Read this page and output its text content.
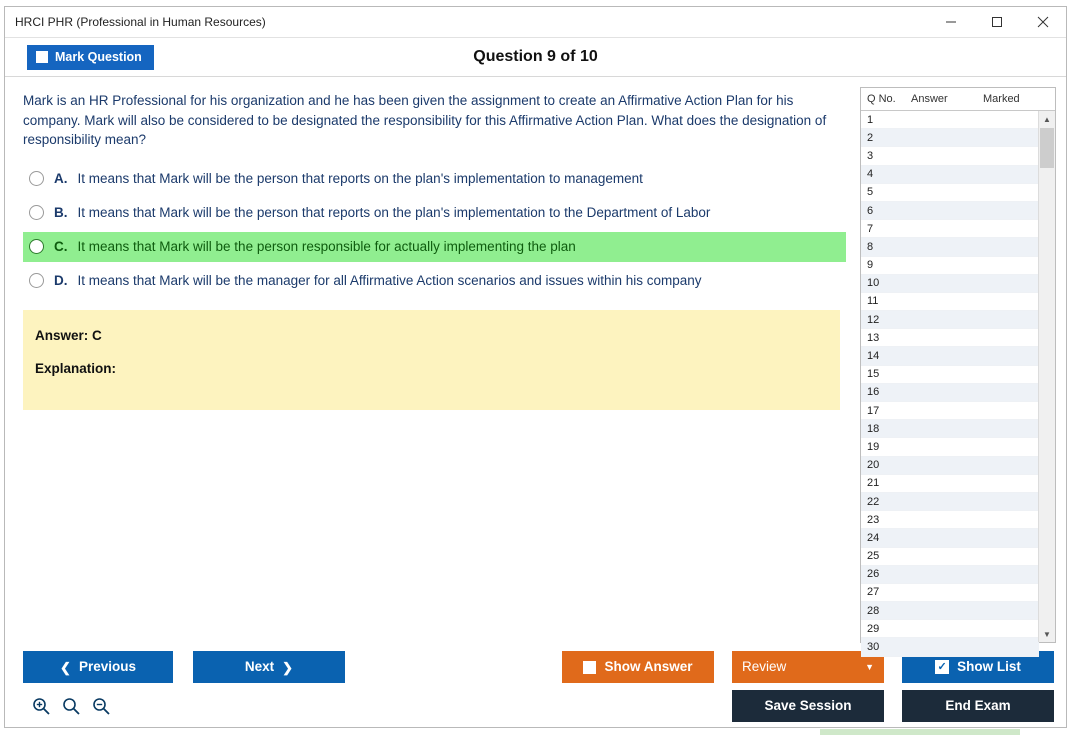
HRCI PHR (Professional in Human Resources)
Mark Question	Question 9 of 10
Mark is an HR Professional for his organization and he has been given the assignment to create an Affirmative Action Plan for his company. Mark will also be considered to be designated the responsibility for this Affirmative Action Plan. What does the designation of responsibility mean?
A. It means that Mark will be the person that reports on the plan's implementation to management
B. It means that Mark will be the person that reports on the plan's implementation to the Department of Labor
C. It means that Mark will be the person responsible for actually implementing the plan
D. It means that Mark will be the manager for all Affirmative Action scenarios and issues within his company
Answer: C
Explanation:
Q No.	Answer	Marked
1
2
3
4
5
6
7
8
9
10
11
12
13
14
15
16
17
18
19
20
21
22
23
24
25
26
27
28
29
30
▲
▼
❮ Previous	Next ❯	Show Answer	Review	▼	✓ Show List
Save Session	End Exam
